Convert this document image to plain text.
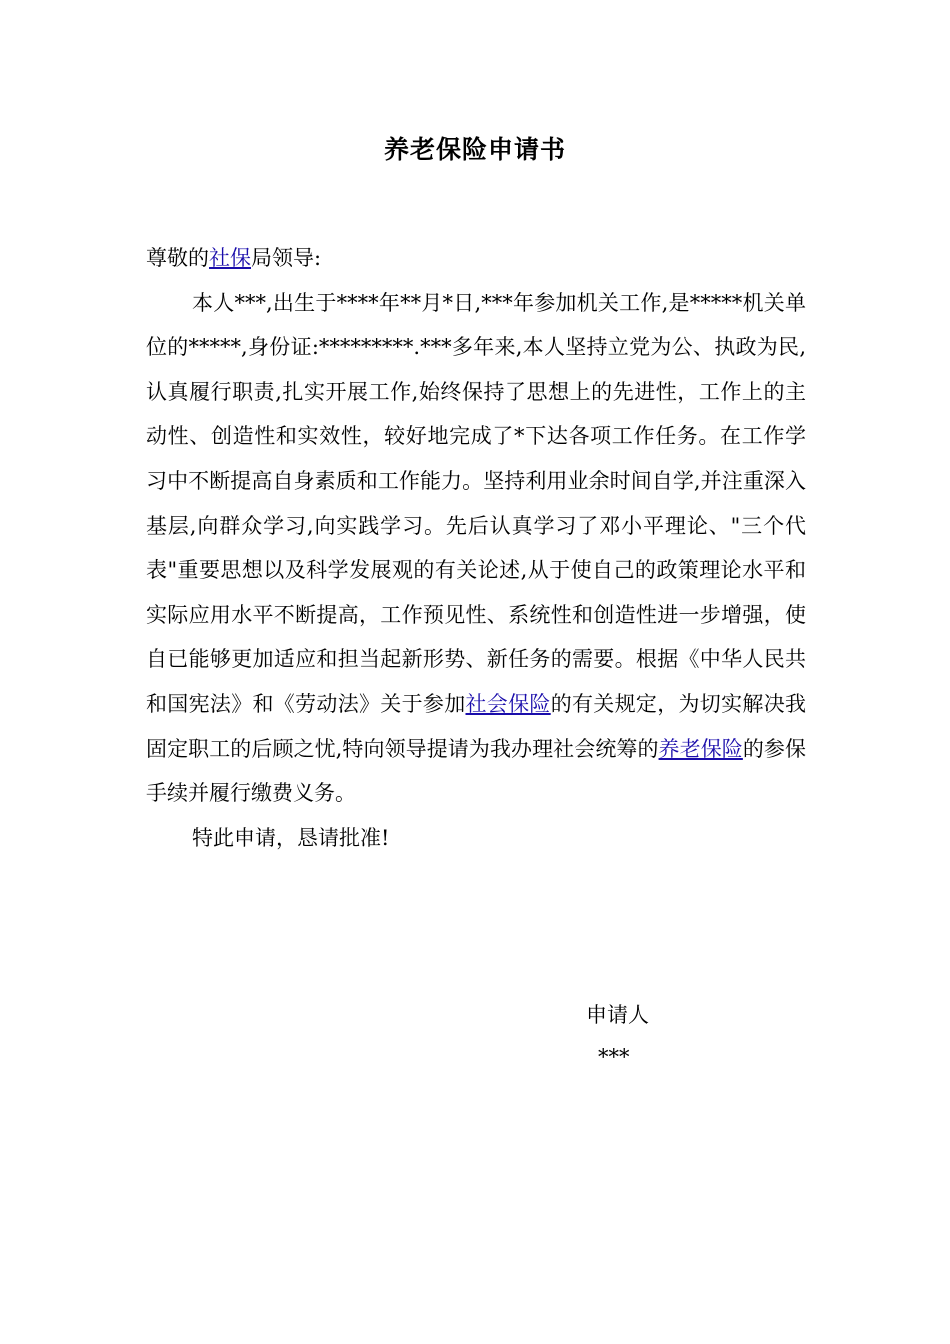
养老保险申请书

尊敬的社保局领导:

本人***,出生于****年**月*日,***年参加机关工作,是*****机关单位的*****,身份证:*********.***多年来,本人坚持立党为公、执政为民,认真履行职责,扎实开展工作,始终保持了思想上的先进性，工作上的主动性、创造性和实效性，较好地完成了*下达各项工作任务。在工作学习中不断提高自身素质和工作能力。坚持利用业余时间自学,并注重深入基层,向群众学习,向实践学习。先后认真学习了邓小平理论、"三个代表"重要思想以及科学发展观的有关论述,从于使自己的政策理论水平和实际应用水平不断提高，工作预见性、系统性和创造性进一步增强，使自已能够更加适应和担当起新形势、新任务的需要。根据《中华人民共和国宪法》和《劳动法》关于参加社会保险的有关规定，为切实解决我固定职工的后顾之忧,特向领导提请为我办理社会统筹的养老保险的参保手续并履行缴费义务。

特此申请，恳请批准!

申请人
***
